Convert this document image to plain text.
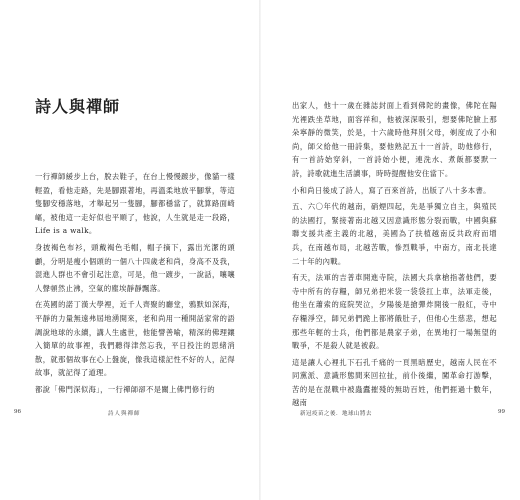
詩人與禪師

一行禪師緩步上台，脫去鞋子，在台上慢慢踱步，像貓一樣輕盈，看他走路，先是腳跟著地，再溫柔地放平腳掌，等這隻腳安穩落地，才舉起另一隻腳，腳都穩當了，就算路面崎嶇，被他這一走好似也平順了，他說，人生就是走一段路，Life is a walk。

身披褐色布衫，頭戴褐色毛帽，帽子摘下，露出光潔的頭顱，分明是瘦小個頭的一個八十四歲老和尚，身高不及我，混進人群也不會引起注意，可是，他一踱步，一說話，嚷嚷人聲頓然止沸，空氣的塵埃靜靜飄落。

在英國的諾丁漢大學裡，近千人齊聚的廳堂，鴉默如深海，平靜的力量無遠弗屆地湧開來，老和尚用一種開話家常的語調說地球的永續，講人生處世，他能譬善喻，精深的佛理鑲入簡單的故事裡，我們聽得津然忘我，平日投注的思緒消散，就那個故事在心上盤旋，像我這樣記性不好的人，記得故事，就記得了道理。

都說「佛門深似海」，一行禪師卻不是關上佛門修行的

96	詩人與禪師

出家人，他十一歲在雜誌封面上看到佛陀的畫像，佛陀在陽光裡跌坐草地，面容祥和，他被深深吸引，想要佛陀臉上那朵寧靜的微笑，於是，十六歲時他拜別父母，剃度成了小和尚，師父給他一冊詩集，要他熟記五十一首詩，助他修行，有一首詩始穿斜，一首詩始小便，連洗水、煮飯都要默一詩，詩歌就進生活讀事，時時提醒他安住當下。

小和尚日後成了詩人，寫了百來首詩，出版了八十多本書。

五、六〇年代的越南，硝煙四起，先是爭獨立自主，與殖民的法國打，緊接著南北越又因意識形態分裂而戰，中國與蘇聯支援共產主義的北越，美國為了扶植越南反共政府而增兵，在南越布局，北越苦戰，慘烈戰爭，中南方，南北長達二十年的內戰。

有天，法軍的吉普車開進寺院，法國大兵拿槍指著他們，要寺中所有的存糧，師兄弟把米袋一袋袋扛上車，法軍走後，他坐在蕭索的庭院哭泣，夕陽後是搶彈炸開後一般紅，寺中存糧淨空，師兄弟們跪上都將餓肚子，但他心生慈悲，想起那些年輕的士兵，他們都是農家子弟，在異地打一場無望的戰爭，不是殺人就是被殺。

這是讓人心裡扎下石孔千痛的一頁黑暗歷史，越南人民在不同黨派、意識形態間來回拉扯，前仆後繼，闖革命打游擊，苦的是在混戰中被蟲蠹摧殘的無助百姓，他們捱過十數年，越南

新冠疫苗之後．地球山將去	99
